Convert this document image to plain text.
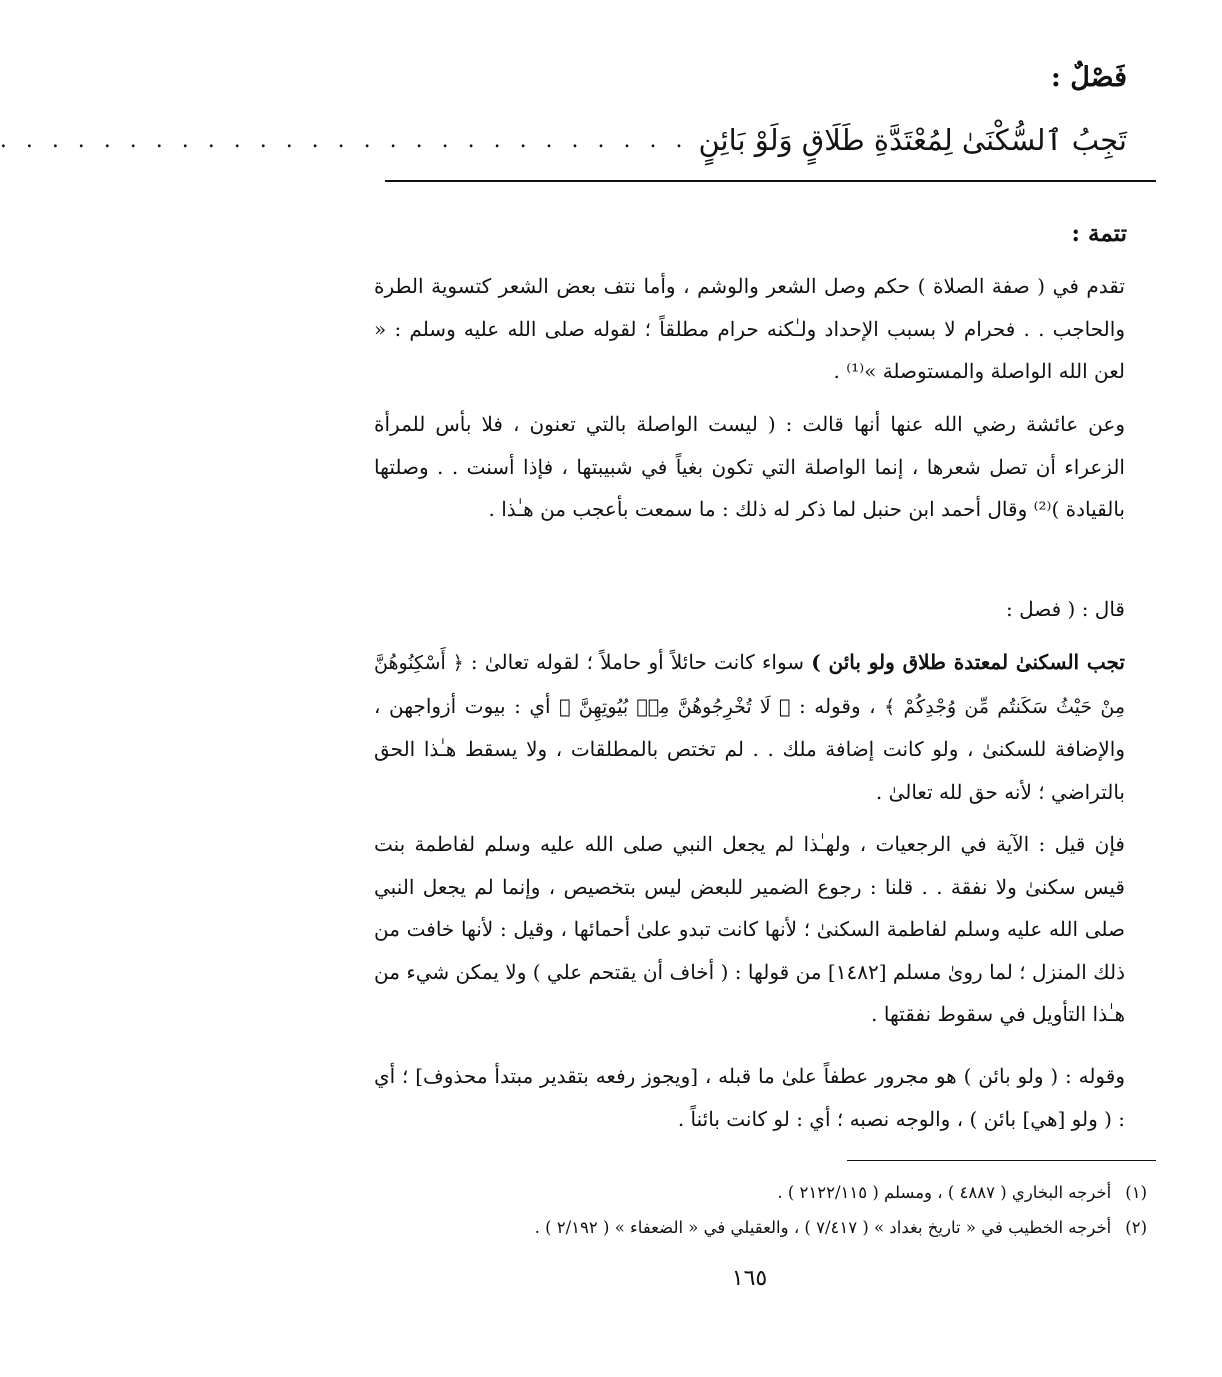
فَصْلٌ :
تَجِبُ ٱلسُّكْنَىٰ لِمُعْتَدَّةِ طَلَاقٍ وَلَوْ بَائِنٍ
. . . . . . . . . . . . . . . . . . . . . . . . . . .
تتمة :

تقدم في ( صفة الصلاة ) حكم وصل الشعر والوشم ، وأما نتف بعض الشعر كتسوية الطرة والحاجب . . فحرام لا بسبب الإحداد ولـٰكنه حرام مطلقاً ؛ لقوله صلى الله عليه وسلم : « لعن الله الواصلة والمستوصلة »⁽¹⁾ .

وعن عائشة رضي الله عنها أنها قالت : ( ليست الواصلة بالتي تعنون ، فلا بأس للمرأة الزعراء أن تصل شعرها ، إنما الواصلة التي تكون بغياً في شبيبتها ، فإذا أسنت . . وصلتها بالقيادة )⁽²⁾ وقال أحمد ابن حنبل لما ذكر له ذلك : ما سمعت بأعجب من هـٰذا .

قال : ( فصل :

تجب السكنىٰ لمعتدة طلاق ولو بائن ) سواء كانت حائلاً أو حاملاً ؛ لقوله تعالىٰ : ﴿ أَسْكِنُوهُنَّ مِنْ حَيْثُ سَكَنتُم مِّن وُجْدِكُمْ ﴾ ، وقوله : ﴿ لَا تُخْرِجُوهُنَّ مِنۢ بُيُوتِهِنَّ ﴾ أي : بيوت أزواجهن ، والإضافة للسكنىٰ ، ولو كانت إضافة ملك . . لم تختص بالمطلقات ، ولا يسقط هـٰذا الحق بالتراضي ؛ لأنه حق لله تعالىٰ .

فإن قيل : الآية في الرجعيات ، ولهـٰذا لم يجعل النبي صلى الله عليه وسلم لفاطمة بنت قيس سكنىٰ ولا نفقة . . قلنا : رجوع الضمير للبعض ليس بتخصيص ، وإنما لم يجعل النبي صلى الله عليه وسلم لفاطمة السكنىٰ ؛ لأنها كانت تبدو علىٰ أحمائها ، وقيل : لأنها خافت من ذلك المنزل ؛ لما روىٰ مسلم [١٤٨٢] من قولها : ( أخاف أن يقتحم علي ) ولا يمكن شيء من هـٰذا التأويل في سقوط نفقتها .

وقوله : ( ولو بائن ) هو مجرور عطفاً علىٰ ما قبله ، [ويجوز رفعه بتقدير مبتدأ محذوف] ؛ أي : ( ولو [هي] بائن ) ، والوجه نصبه ؛ أي : لو كانت بائناً .

(١)أخرجه البخاري ( ٤٨٨٧ ) ، ومسلم ( ٢١٢٢/١١٥ ) .

(٢)أخرجه الخطيب في « تاريخ بغداد » ( ٧/٤١٧ ) ، والعقيلي في « الضعفاء » ( ٢/١٩٢ ) .

١٦٥
